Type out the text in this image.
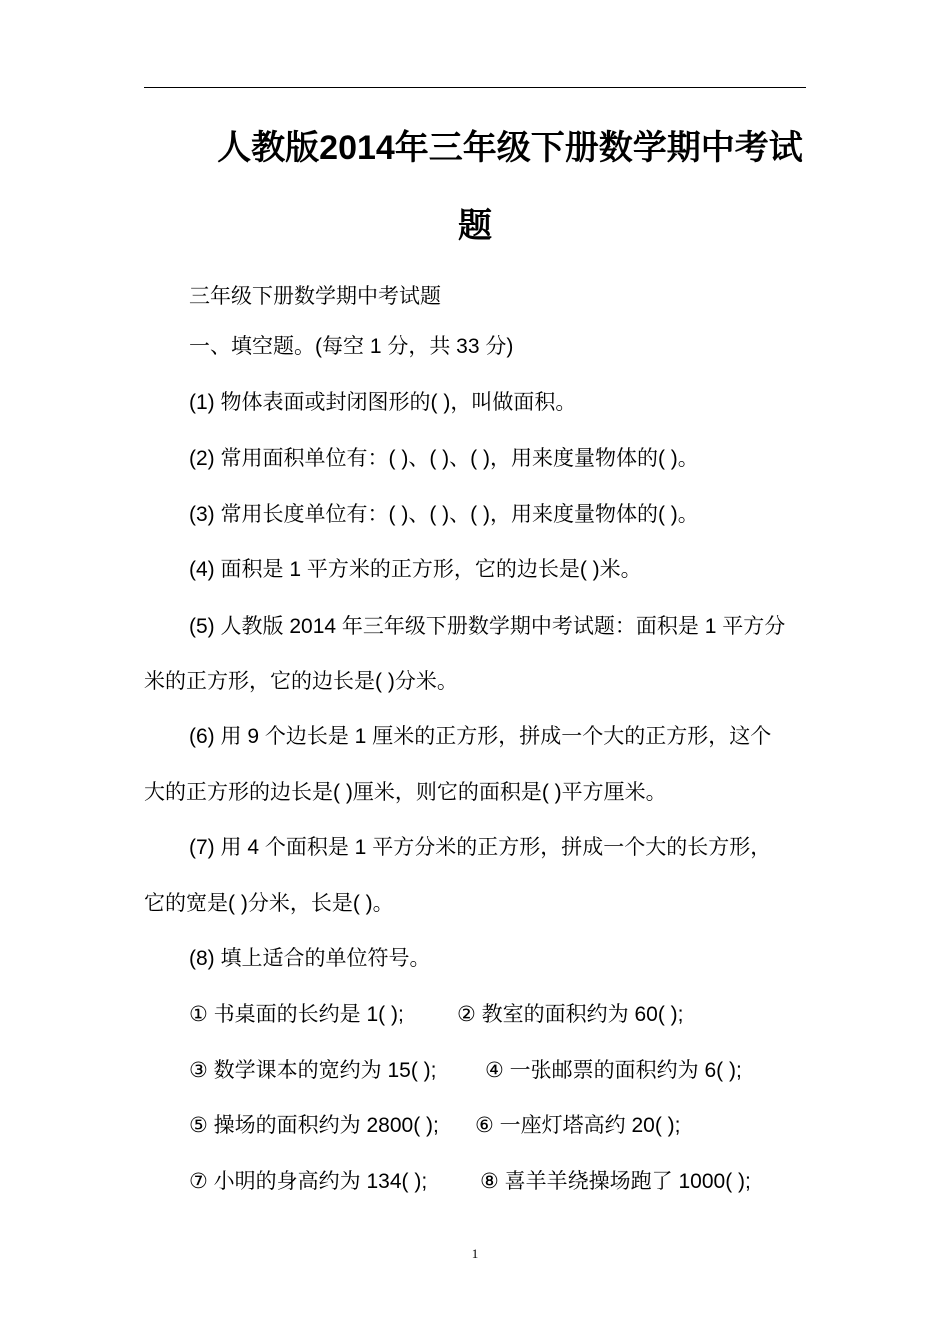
人教版2014年三年级下册数学期中考试
题
三年级下册数学期中考试题
一、填空题。(每空 1 分，共 33 分)
(1) 物体表面或封闭图形的( )，叫做面积。
(2) 常用面积单位有：( )、( )、( )，用来度量物体的( )。
(3) 常用长度单位有：( )、( )、( )，用来度量物体的( )。
(4) 面积是 1 平方米的正方形，它的边长是( )米。
(5) 人教版 2014 年三年级下册数学期中考试题：面积是 1 平方分
米的正方形，它的边长是( )分米。
(6) 用 9 个边长是 1 厘米的正方形，拼成一个大的正方形，这个
大的正方形的边长是( )厘米，则它的面积是( )平方厘米。
(7) 用 4 个面积是 1 平方分米的正方形，拼成一个大的长方形，
它的宽是( )分米，长是( )。
(8) 填上适合的单位符号。
① 书桌面的长约是 1( );	② 教室的面积约为 60( );
③ 数学课本的宽约为 15( ); ④ 一张邮票的面积约为 6( );
⑤ 操场的面积约为 2800( ); ⑥ 一座灯塔高约 20( );
⑦ 小明的身高约为 134( );	⑧ 喜羊羊绕操场跑了 1000( );
1
